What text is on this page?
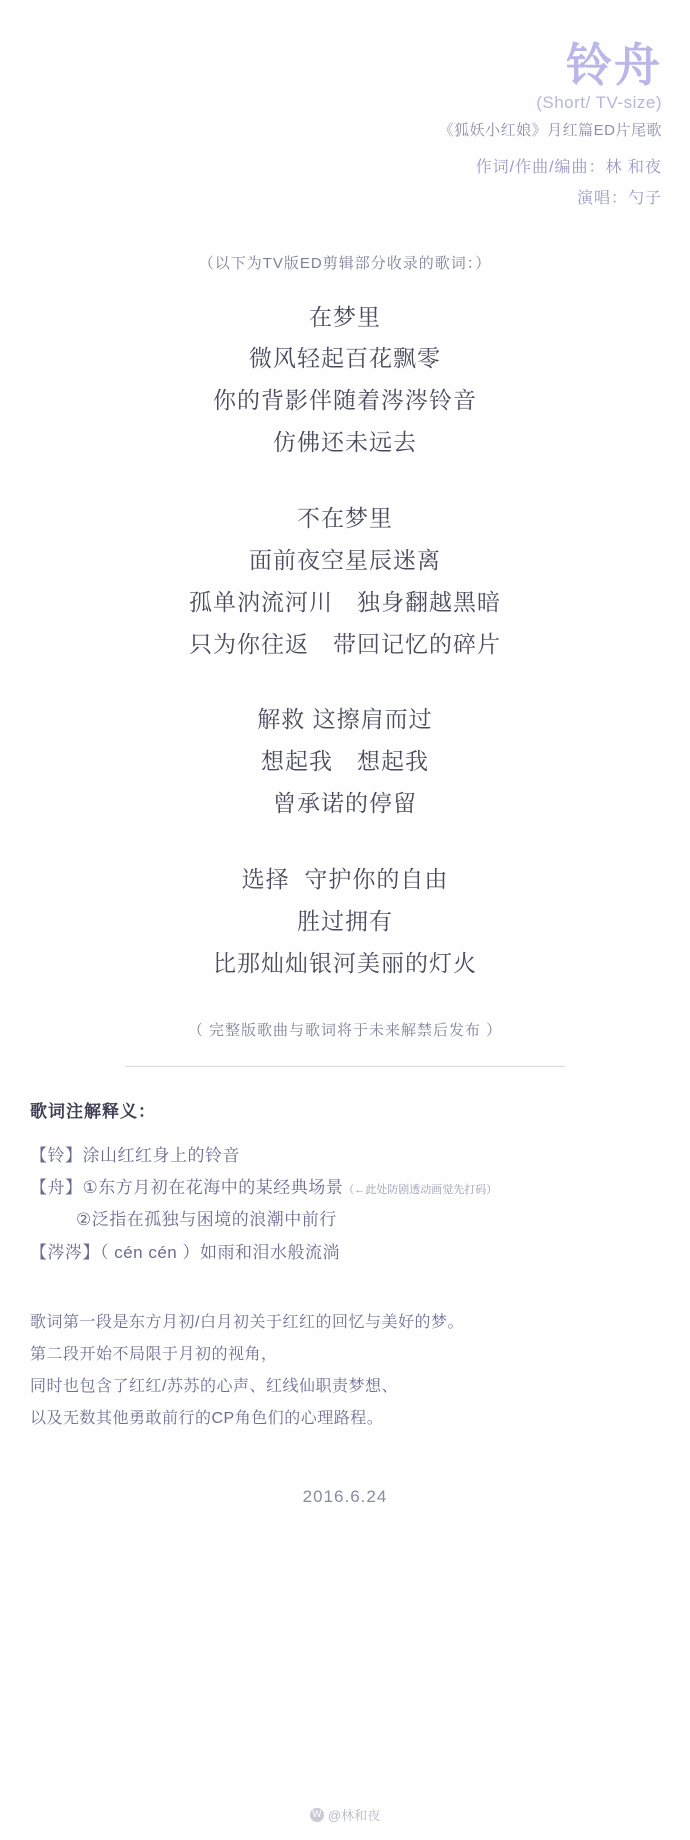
铃舟
(Short/ TV-size)
《狐妖小红娘》月红篇ED片尾歌
作词/作曲/编曲：林 和夜
演唱：勺子
（以下为TV版ED剪辑部分收录的歌词：）
在梦里
微风轻起百花飘零
你的背影伴随着涔涔铃音
仿佛还未远去
不在梦里
面前夜空星辰迷离
孤单汭流河川　独身翻越黑暗
只为你往返　带回记忆的碎片
解救 这擦肩而过
想起我　想起我
曾承诺的停留
选择  守护你的自由
胜过拥有
比那灿灿银河美丽的灯火
（ 完整版歌曲与歌词将于未来解禁后发布 ）
歌词注解释义：
【铃】涂山红红身上的铃音
【舟】①东方月初在花海中的某经典场景（←此处防剧透动画觉先打码）
②泛指在孤独与困境的浪潮中前行
【涔涔】（ cén cén ）如雨和泪水般流淌
歌词第一段是东方月初/白月初关于红红的回忆与美好的梦。
第二段开始不局限于月初的视角，
同时也包含了红红/苏苏的心声、红线仙职责梦想、
以及无数其他勇敢前行的CP角色们的心理路程。
2016.6.24
W @林和夜
